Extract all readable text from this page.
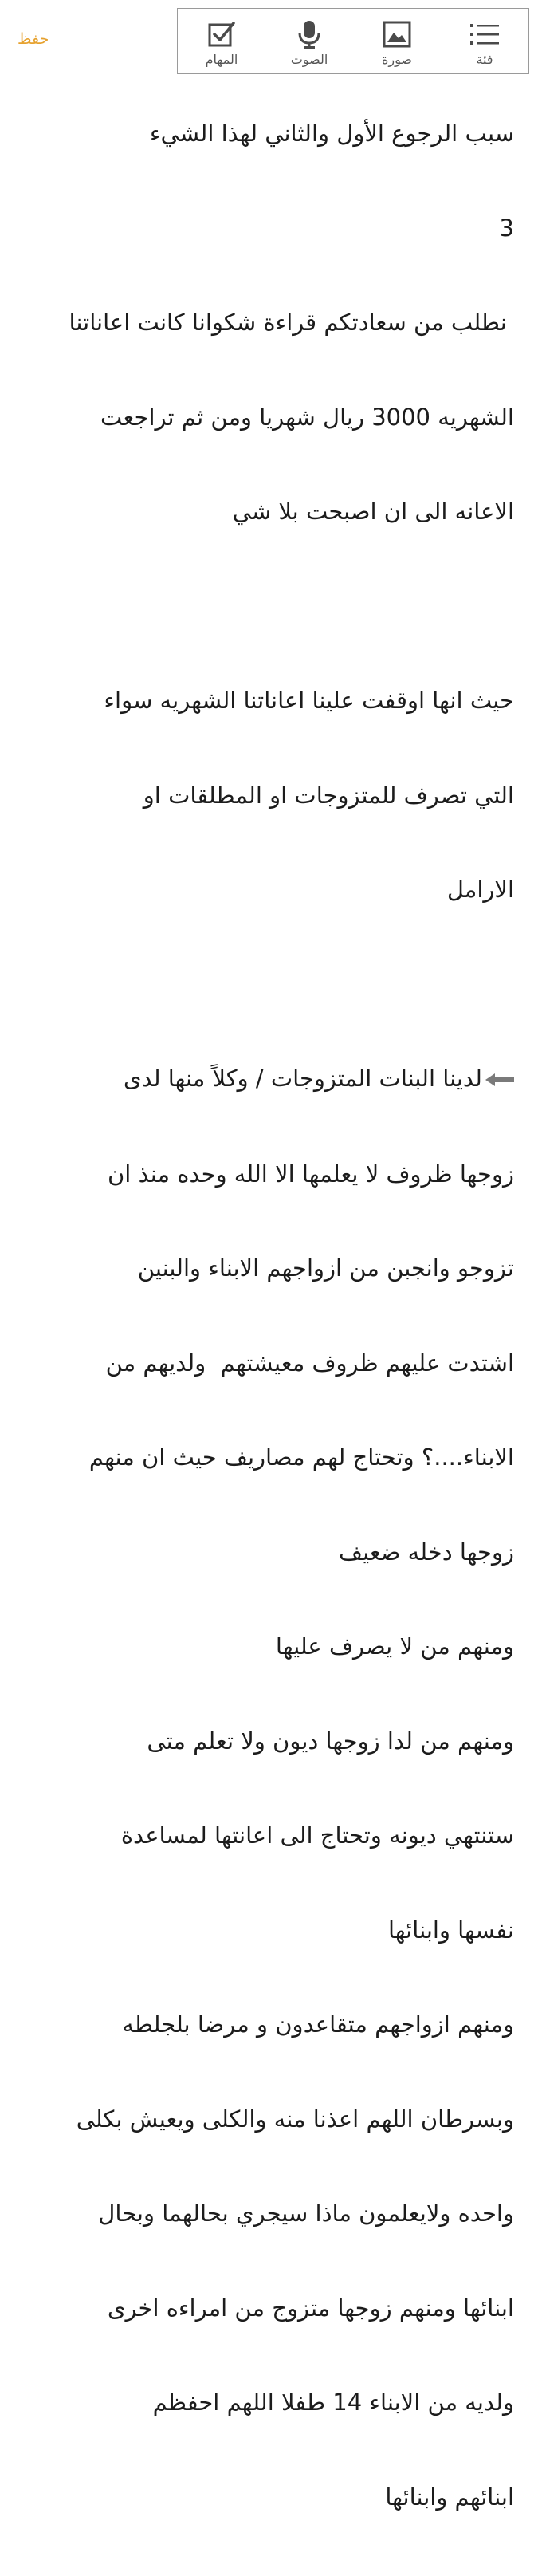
حفظ
المهام	الصوت	صورة	فئة

سبب الرجوع الأول والثاني لهذا الشيء

3

نطلب من سعادتكم قراءة شكوانا كانت اعاناتنا

الشهريه 3000 ريال شهريا ومن ثم تراجعت

الاعانه الى ان اصبحت بلا شي

حيث انها اوقفت علينا اعاناتنا الشهريه سواء

التي تصرف للمتزوجات او المطلقات او

الارامل

لدينا البنات المتزوجات / وكلاً منها لدى

زوجها ظروف لا يعلمها الا الله وحده منذ ان

تزوجو وانجبن من ازواجهم الابناء والبنين

اشتدت عليهم ظروف معيشتهم  ولديهم من

الابناء....؟ وتحتاج لهم مصاريف حيث ان منهم

زوجها دخله ضعيف

ومنهم من لا يصرف عليها

ومنهم من لدا زوجها ديون ولا تعلم متى

ستنتهي ديونه وتحتاج الى اعانتها لمساعدة

نفسها وابنائها

ومنهم ازواجهم متقاعدون و مرضا بلجلطه

وبسرطان اللهم اعذنا منه والكلى ويعيش بكلى

واحده ولايعلمون ماذا سيجري بحالهما وبحال

ابنائها ومنهم زوجها متزوج من امراءه اخرى

ولديه من الابناء 14 طفلا اللهم احفظم

ابنائهم وابنائها
